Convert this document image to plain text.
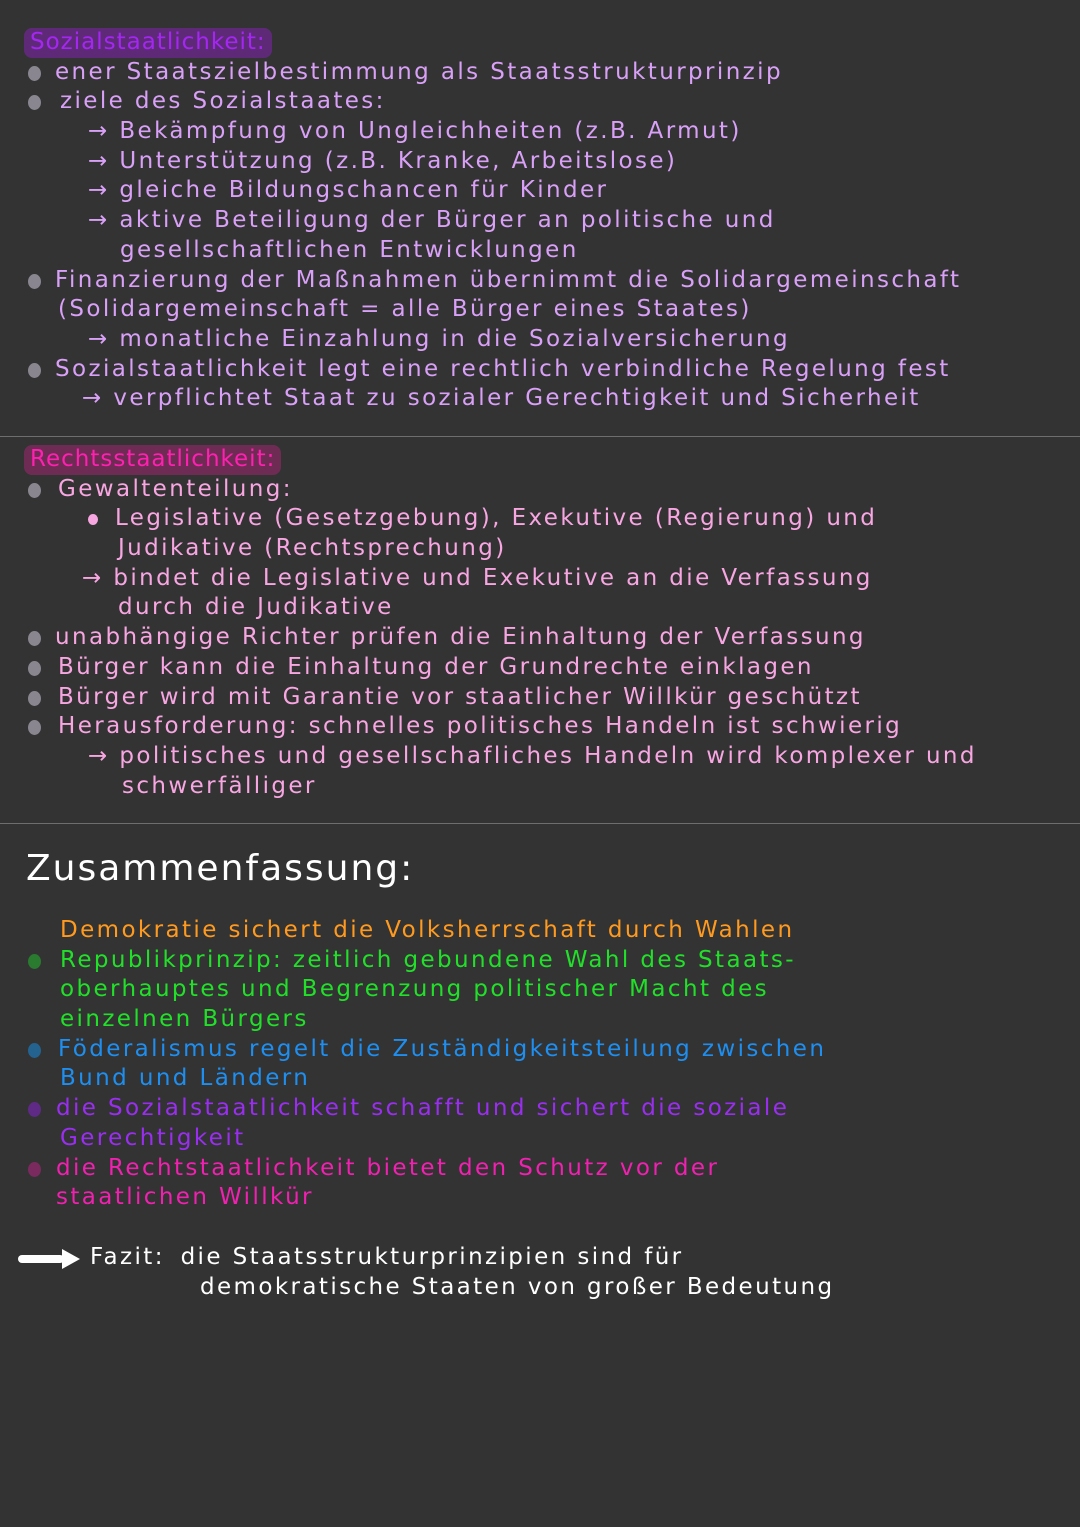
Sozialstaatlichkeit:
ener Staatszielbestimmung als Staatsstrukturprinzip
ziele des Sozialstaates:
→ Bekämpfung von Ungleichheiten (z.B. Armut)
→ Unterstützung (z.B. Kranke, Arbeitslose)
→ gleiche Bildungschancen für Kinder
→ aktive Beteiligung der Bürger an politische und
gesellschaftlichen Entwicklungen
Finanzierung der Maßnahmen übernimmt die Solidargemeinschaft
(Solidargemeinschaft = alle Bürger eines Staates)
→ monatliche Einzahlung in die Sozialversicherung
Sozialstaatlichkeit legt eine rechtlich verbindliche Regelung fest
→ verpflichtet Staat zu sozialer Gerechtigkeit und Sicherheit
Rechtsstaatlichkeit:
Gewaltenteilung:
Legislative (Gesetzgebung), Exekutive (Regierung) und
Judikative (Rechtsprechung)
→ bindet die Legislative und Exekutive an die Verfassung
durch die Judikative
unabhängige Richter prüfen die Einhaltung der Verfassung
Bürger kann die Einhaltung der Grundrechte einklagen
Bürger wird mit Garantie vor staatlicher Willkür geschützt
Herausforderung: schnelles politisches Handeln ist schwierig
→ politisches und gesellschafliches Handeln wird komplexer und
schwerfälliger
Zusammenfassung:
Demokratie sichert die Volksherrschaft durch Wahlen
Republikprinzip: zeitlich gebundene Wahl des Staats-
oberhauptes und Begrenzung politischer Macht des
einzelnen Bürgers
Föderalismus regelt die Zuständigkeitsteilung zwischen
Bund und Ländern
die Sozialstaatlichkeit schafft und sichert die soziale
Gerechtigkeit
die Rechtstaatlichkeit bietet den Schutz vor der
staatlichen Willkür
Fazit: die Staatsstrukturprinzipien sind für
demokratische Staaten von großer Bedeutung
